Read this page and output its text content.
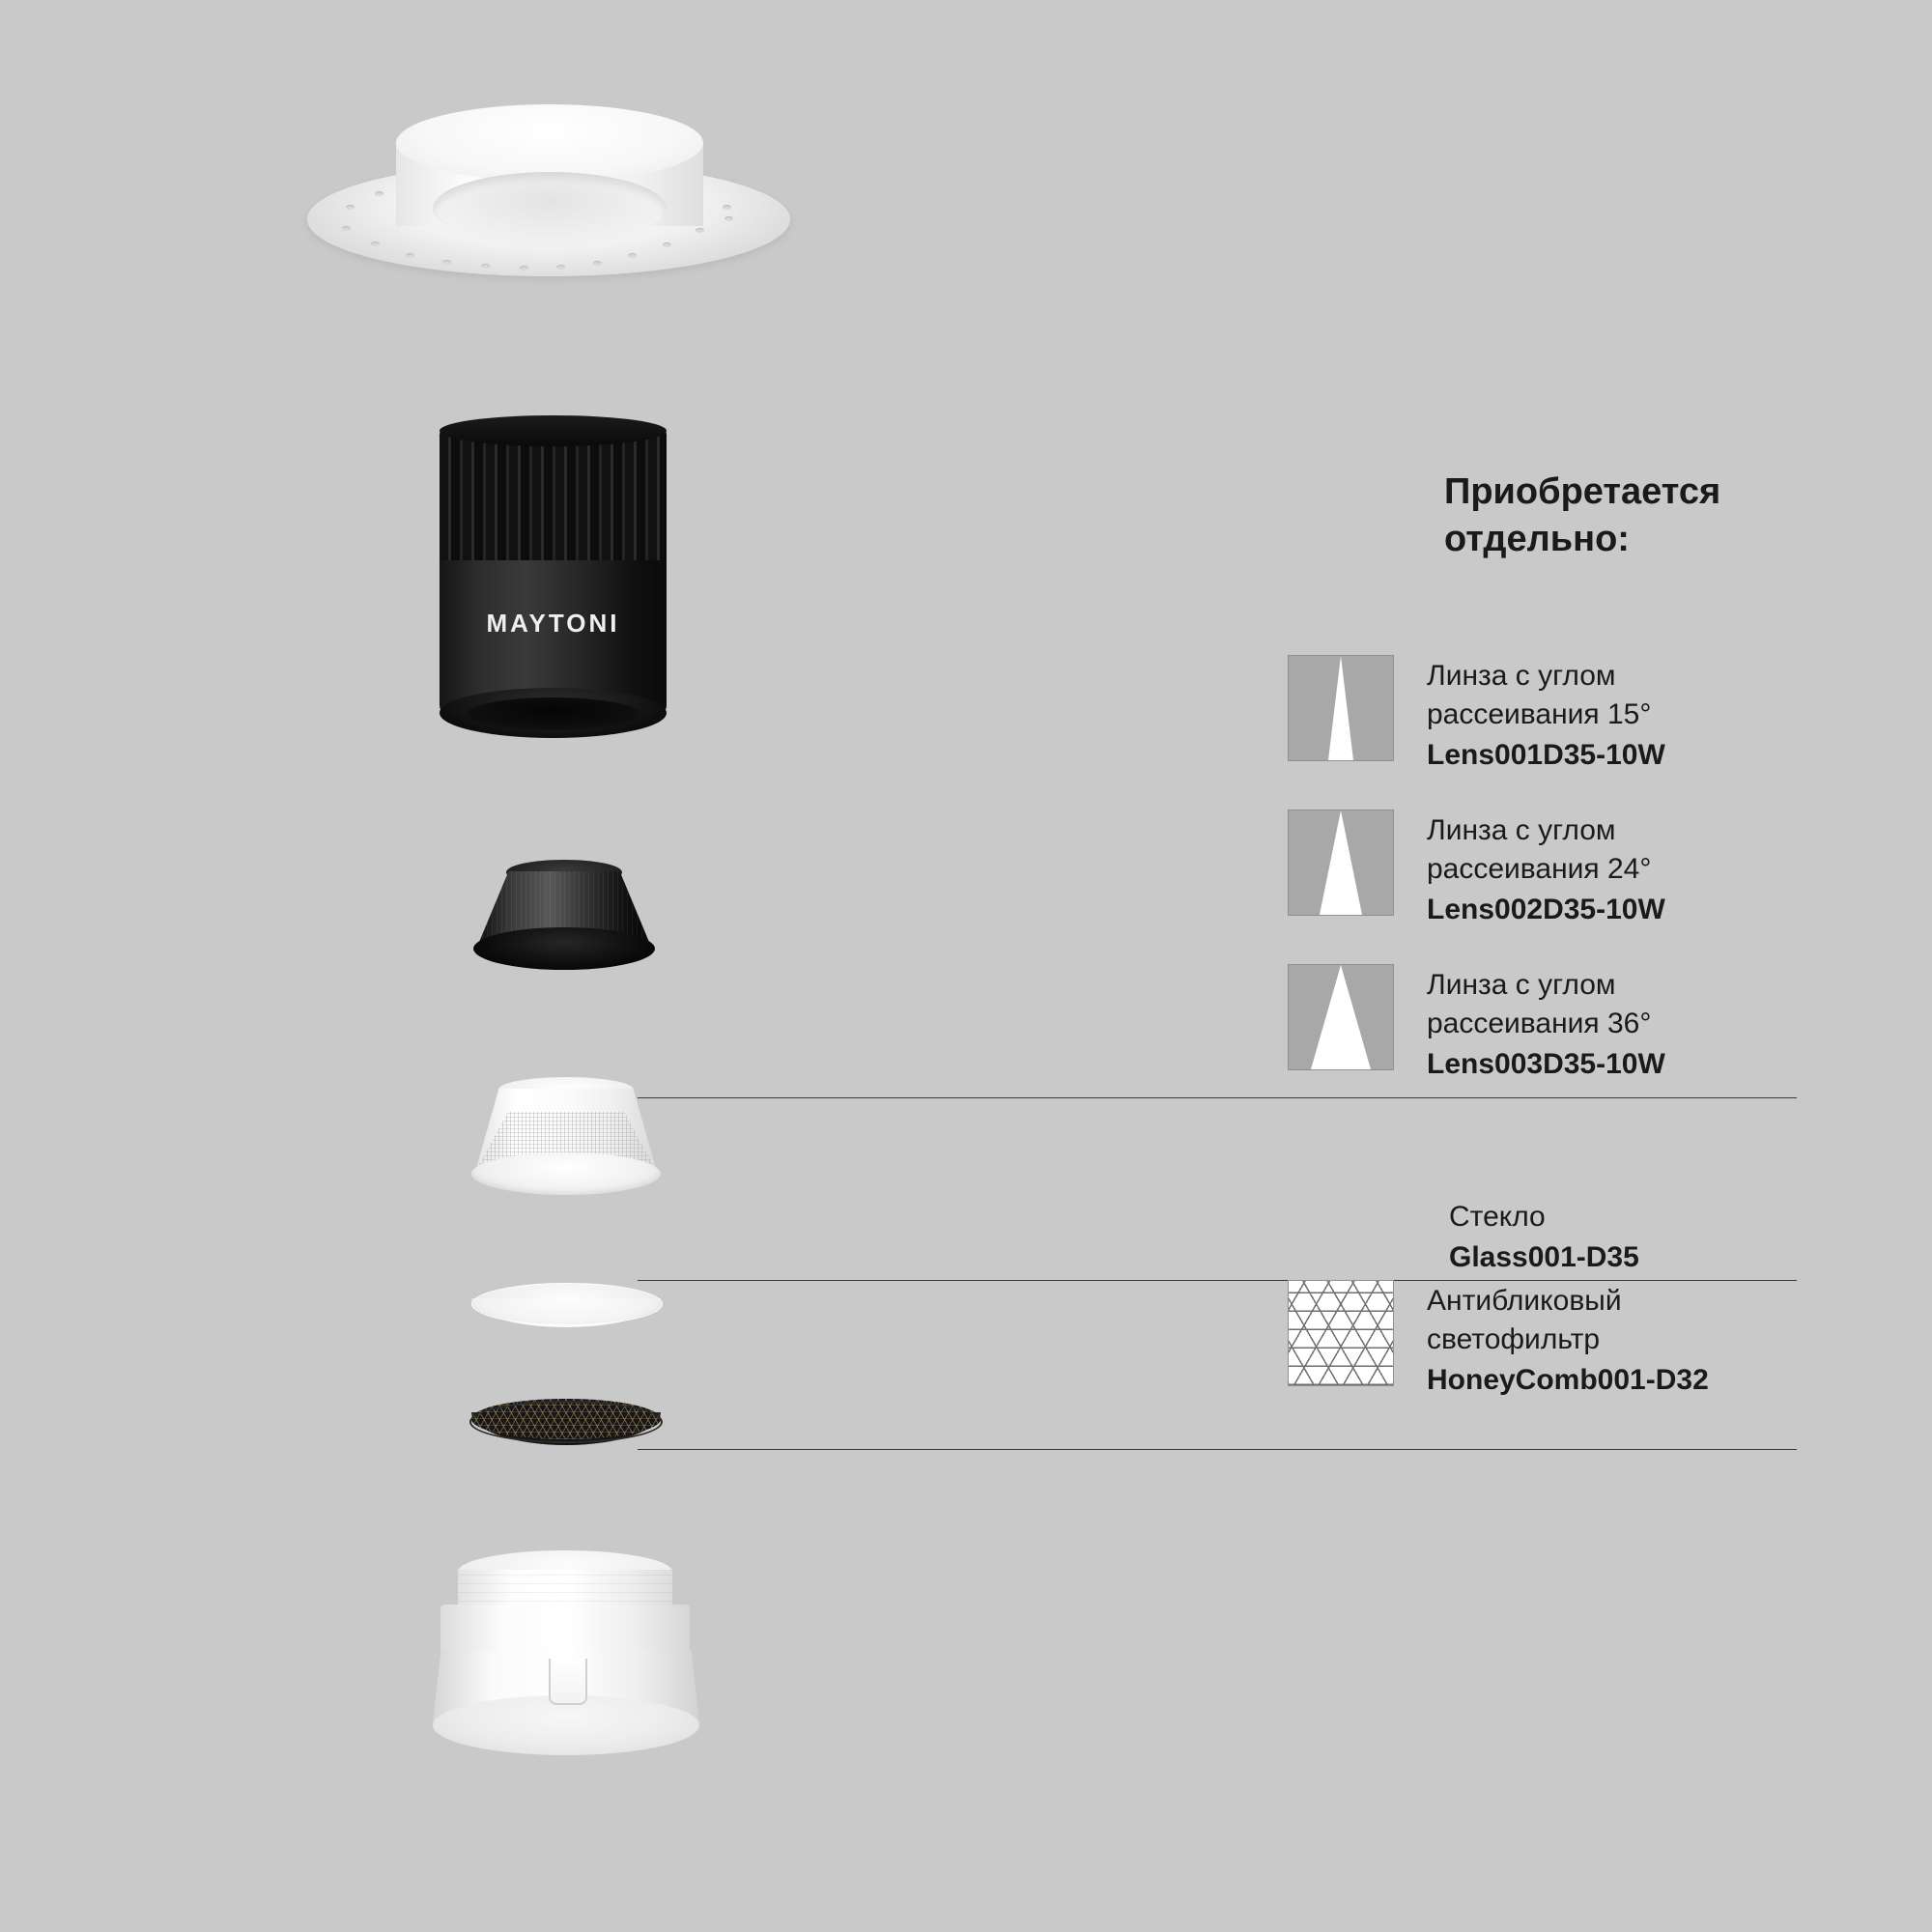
MAYTONI
Приобретается
отдельно:
Линза с углом
рассеивания 15°
Lens001D35-10W
Линза с углом
рассеивания 24°
Lens002D35-10W
Линза с углом
рассеивания 36°
Lens003D35-10W
Стекло
Glass001-D35
Антибликовый
светофильтр
HoneyComb001-D32
